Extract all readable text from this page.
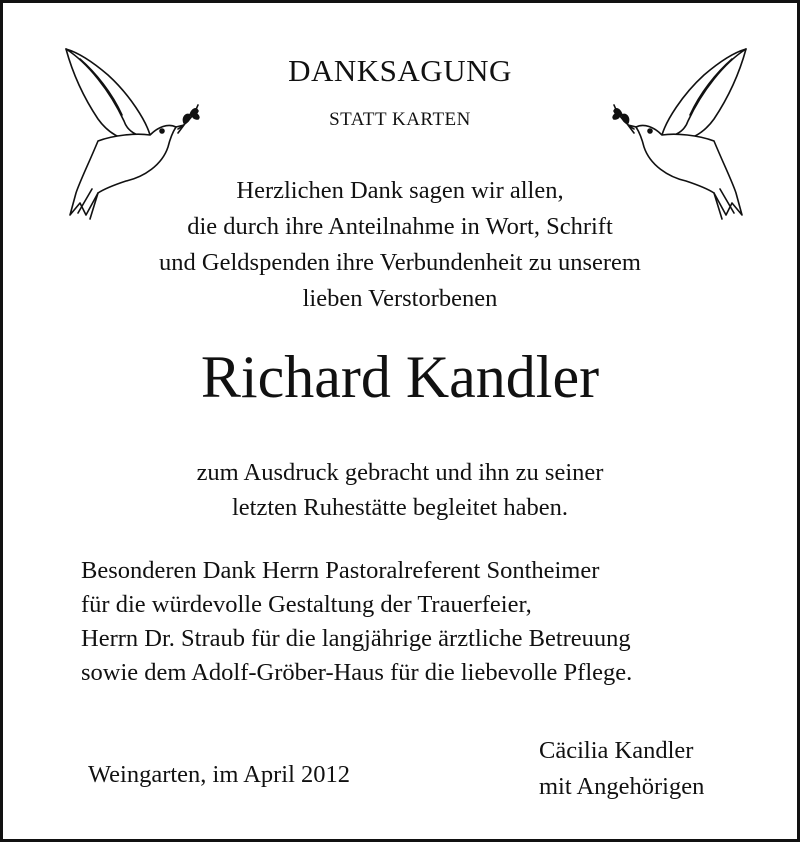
DANKSAGUNG
STATT KARTEN
Herzlichen Dank sagen wir allen,
die durch ihre Anteilnahme in Wort, Schrift
und Geldspenden ihre Verbundenheit zu unserem
lieben Verstorbenen
Richard Kandler
zum Ausdruck gebracht und ihn zu seiner
letzten Ruhestätte begleitet haben.
Besonderen Dank Herrn Pastoralreferent Sontheimer
für die würdevolle Gestaltung der Trauerfeier,
Herrn Dr. Straub für die langjährige ärztliche Betreuung
sowie dem Adolf-Gröber-Haus für die liebevolle Pflege.
Weingarten, im April 2012
Cäcilia Kandler
mit Angehörigen
